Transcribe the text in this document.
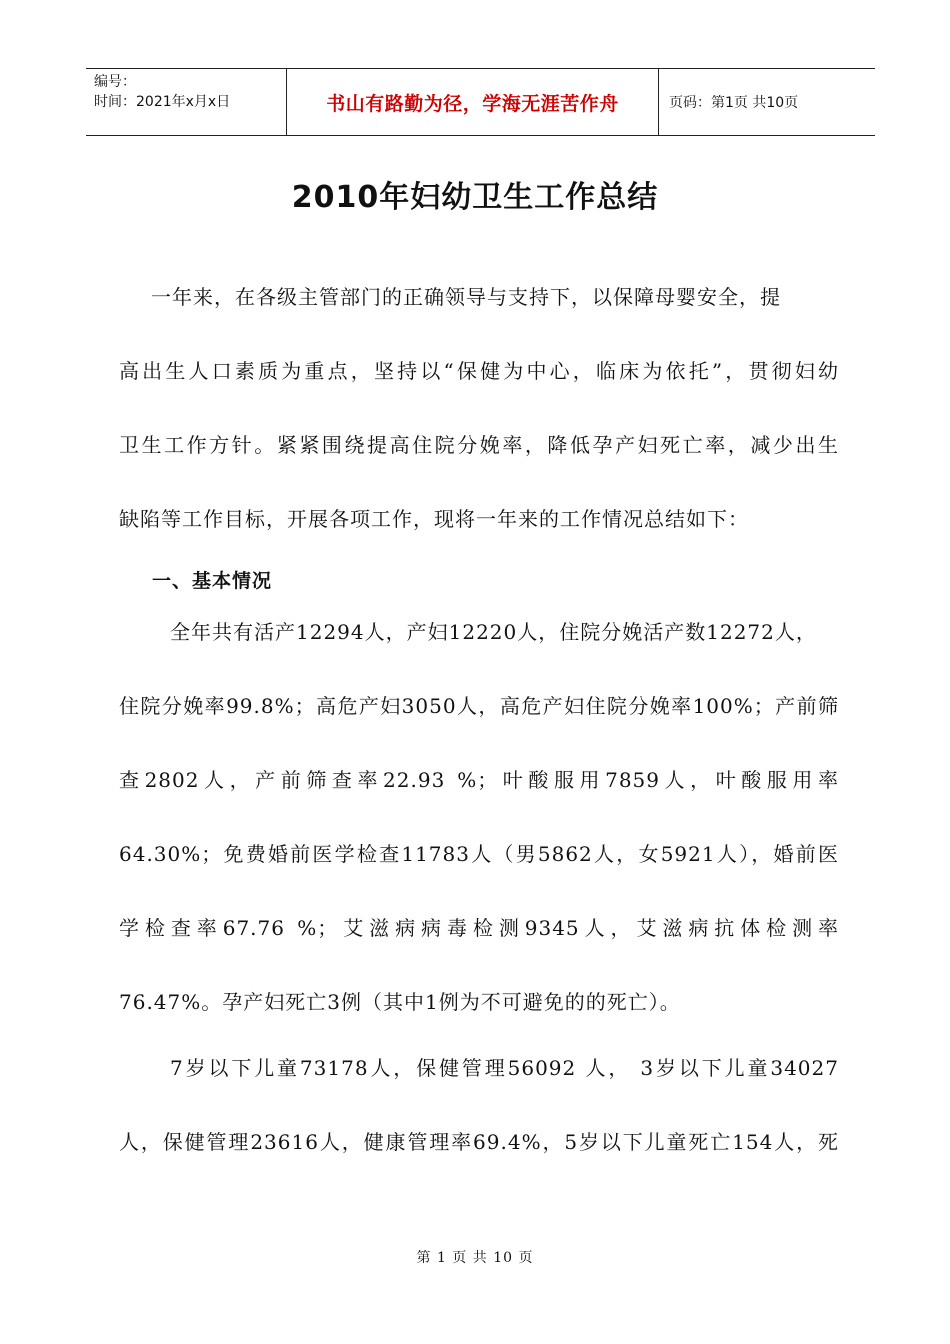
编号：
时间：2021年x月x日	书山有路勤为径，学海无涯苦作舟	页码：第1页 共10页
2010年妇幼卫生工作总结
一年来，在各级主管部门的正确领导与支持下，以保障母婴安全，提
高出生人口素质为重点，坚持以“保健为中心，临床为依托”，贯彻妇幼
卫生工作方针。紧紧围绕提高住院分娩率，降低孕产妇死亡率，减少出生
缺陷等工作目标，开展各项工作，现将一年来的工作情况总结如下：
一、基本情况
全年共有活产12294人，产妇12220人，住院分娩活产数12272人，
住院分娩率99.8%；高危产妇3050人，高危产妇住院分娩率100%；产前筛
查2802人，产前筛查率22.93 %；叶酸服用7859人，叶酸服用率
64.30%；免费婚前医学检查11783人（男5862人，女5921人），婚前医
学检查率67.76 %；艾滋病病毒检测9345人，艾滋病抗体检测率
76.47%。孕产妇死亡3例（其中1例为不可避免的的死亡）。
7岁以下儿童73178人，保健管理56092 人， 3岁以下儿童34027
人，保健管理23616人，健康管理率69.4%，5岁以下儿童死亡154人，死
第 1 页 共 10 页
